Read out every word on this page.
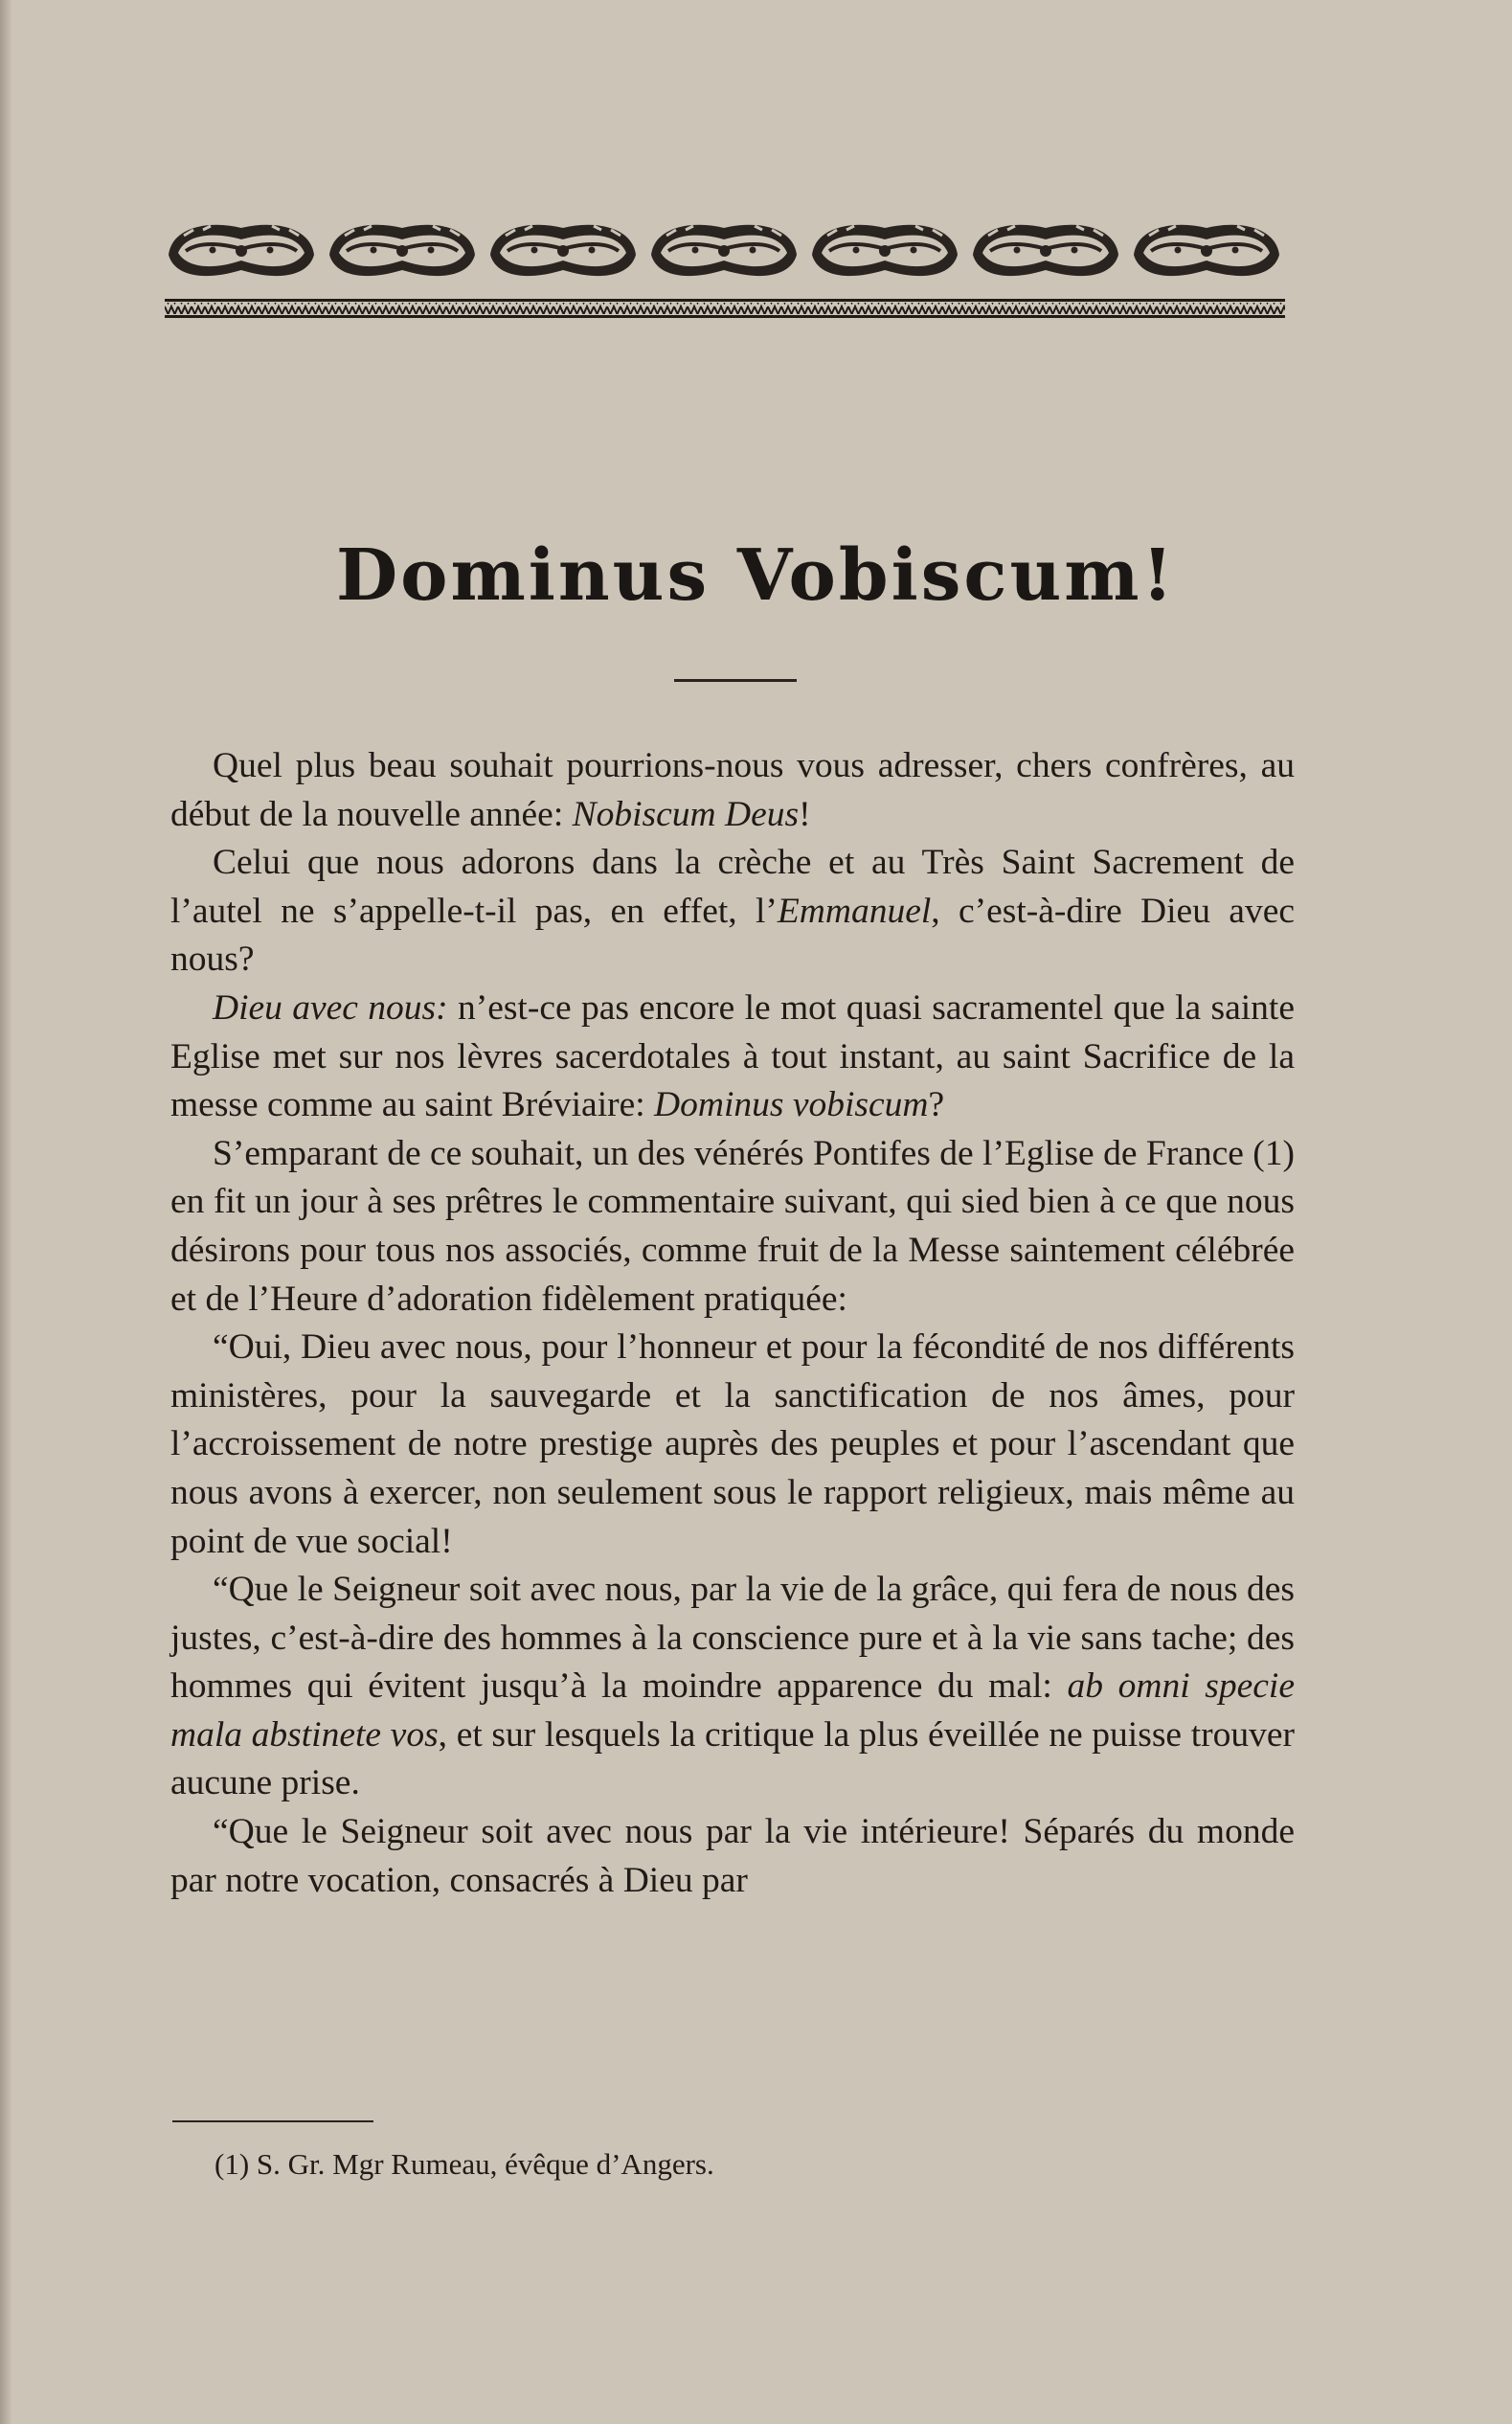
Dominus Vobiscum!

Quel plus beau souhait pourrions-nous vous adresser, chers confrères, au début de la nouvelle année: Nobiscum Deus!

Celui que nous adorons dans la crèche et au Très Saint Sacrement de l’autel ne s’appelle-t-il pas, en effet, l’Emmanuel, c’est-à-dire Dieu avec nous?

Dieu avec nous: n’est-ce pas encore le mot quasi sacramentel que la sainte Eglise met sur nos lèvres sacerdotales à tout instant, au saint Sacrifice de la messe comme au saint Bréviaire: Dominus vobiscum?

S’emparant de ce souhait, un des vénérés Pontifes de l’Eglise de France (1) en fit un jour à ses prêtres le commentaire suivant, qui sied bien à ce que nous désirons pour tous nos associés, comme fruit de la Messe saintement célébrée et de l’Heure d’adoration fidèlement pratiquée:

“Oui, Dieu avec nous, pour l’honneur et pour la fécondité de nos différents ministères, pour la sauvegarde et la sanctification de nos âmes, pour l’accroissement de notre prestige auprès des peuples et pour l’ascendant que nous avons à exercer, non seulement sous le rapport religieux, mais même au point de vue social!

“Que le Seigneur soit avec nous, par la vie de la grâce, qui fera de nous des justes, c’est-à-dire des hommes à la conscience pure et à la vie sans tache; des hommes qui évitent jusqu’à la moindre apparence du mal: ab omni specie mala abstinete vos, et sur lesquels la critique la plus éveillée ne puisse trouver aucune prise.

“Que le Seigneur soit avec nous par la vie intérieure! Séparés du monde par notre vocation, consacrés à Dieu par

(1) S. Gr. Mgr Rumeau, évêque d’Angers.
